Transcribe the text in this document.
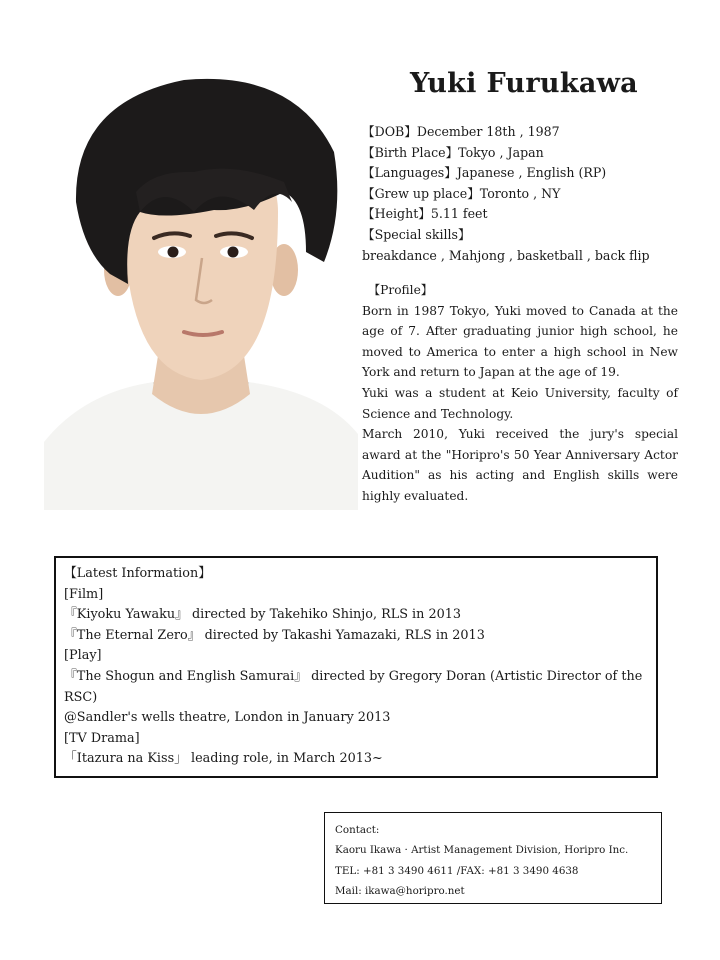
Yuki Furukawa
【DOB】December 18th , 1987
【Birth Place】Tokyo , Japan
【Languages】Japanese , English (RP)
【Grew up place】Toronto , NY
【Height】5.11 feet
【Special skills】
breakdance , Mahjong , basketball , back flip
【Profile】

Born in 1987 Tokyo, Yuki moved to Canada at the age of 7. After graduating junior high school, he moved to America to enter a high school in New York and return to Japan at the age of 19.

Yuki was a student at Keio University, faculty of Science and Technology.

March 2010, Yuki received the jury's special award at the "Horipro's 50 Year Anniversary Actor Audition" as his acting and English skills were highly evaluated.

【Latest Information】
[Film]
『Kiyoku Yawaku』 directed by Takehiko Shinjo, RLS in 2013
『The Eternal Zero』 directed by Takashi Yamazaki, RLS in 2013
[Play]
『The Shogun and English Samurai』 directed by Gregory Doran (Artistic Director of the RSC)
@Sandler's wells theatre, London in January 2013
[TV Drama]
「Itazura na Kiss」 leading role, in March 2013~
Contact:
Kaoru Ikawa · Artist Management Division, Horipro Inc.
TEL: +81 3 3490 4611 /FAX: +81 3 3490 4638
Mail: ikawa@horipro.net
